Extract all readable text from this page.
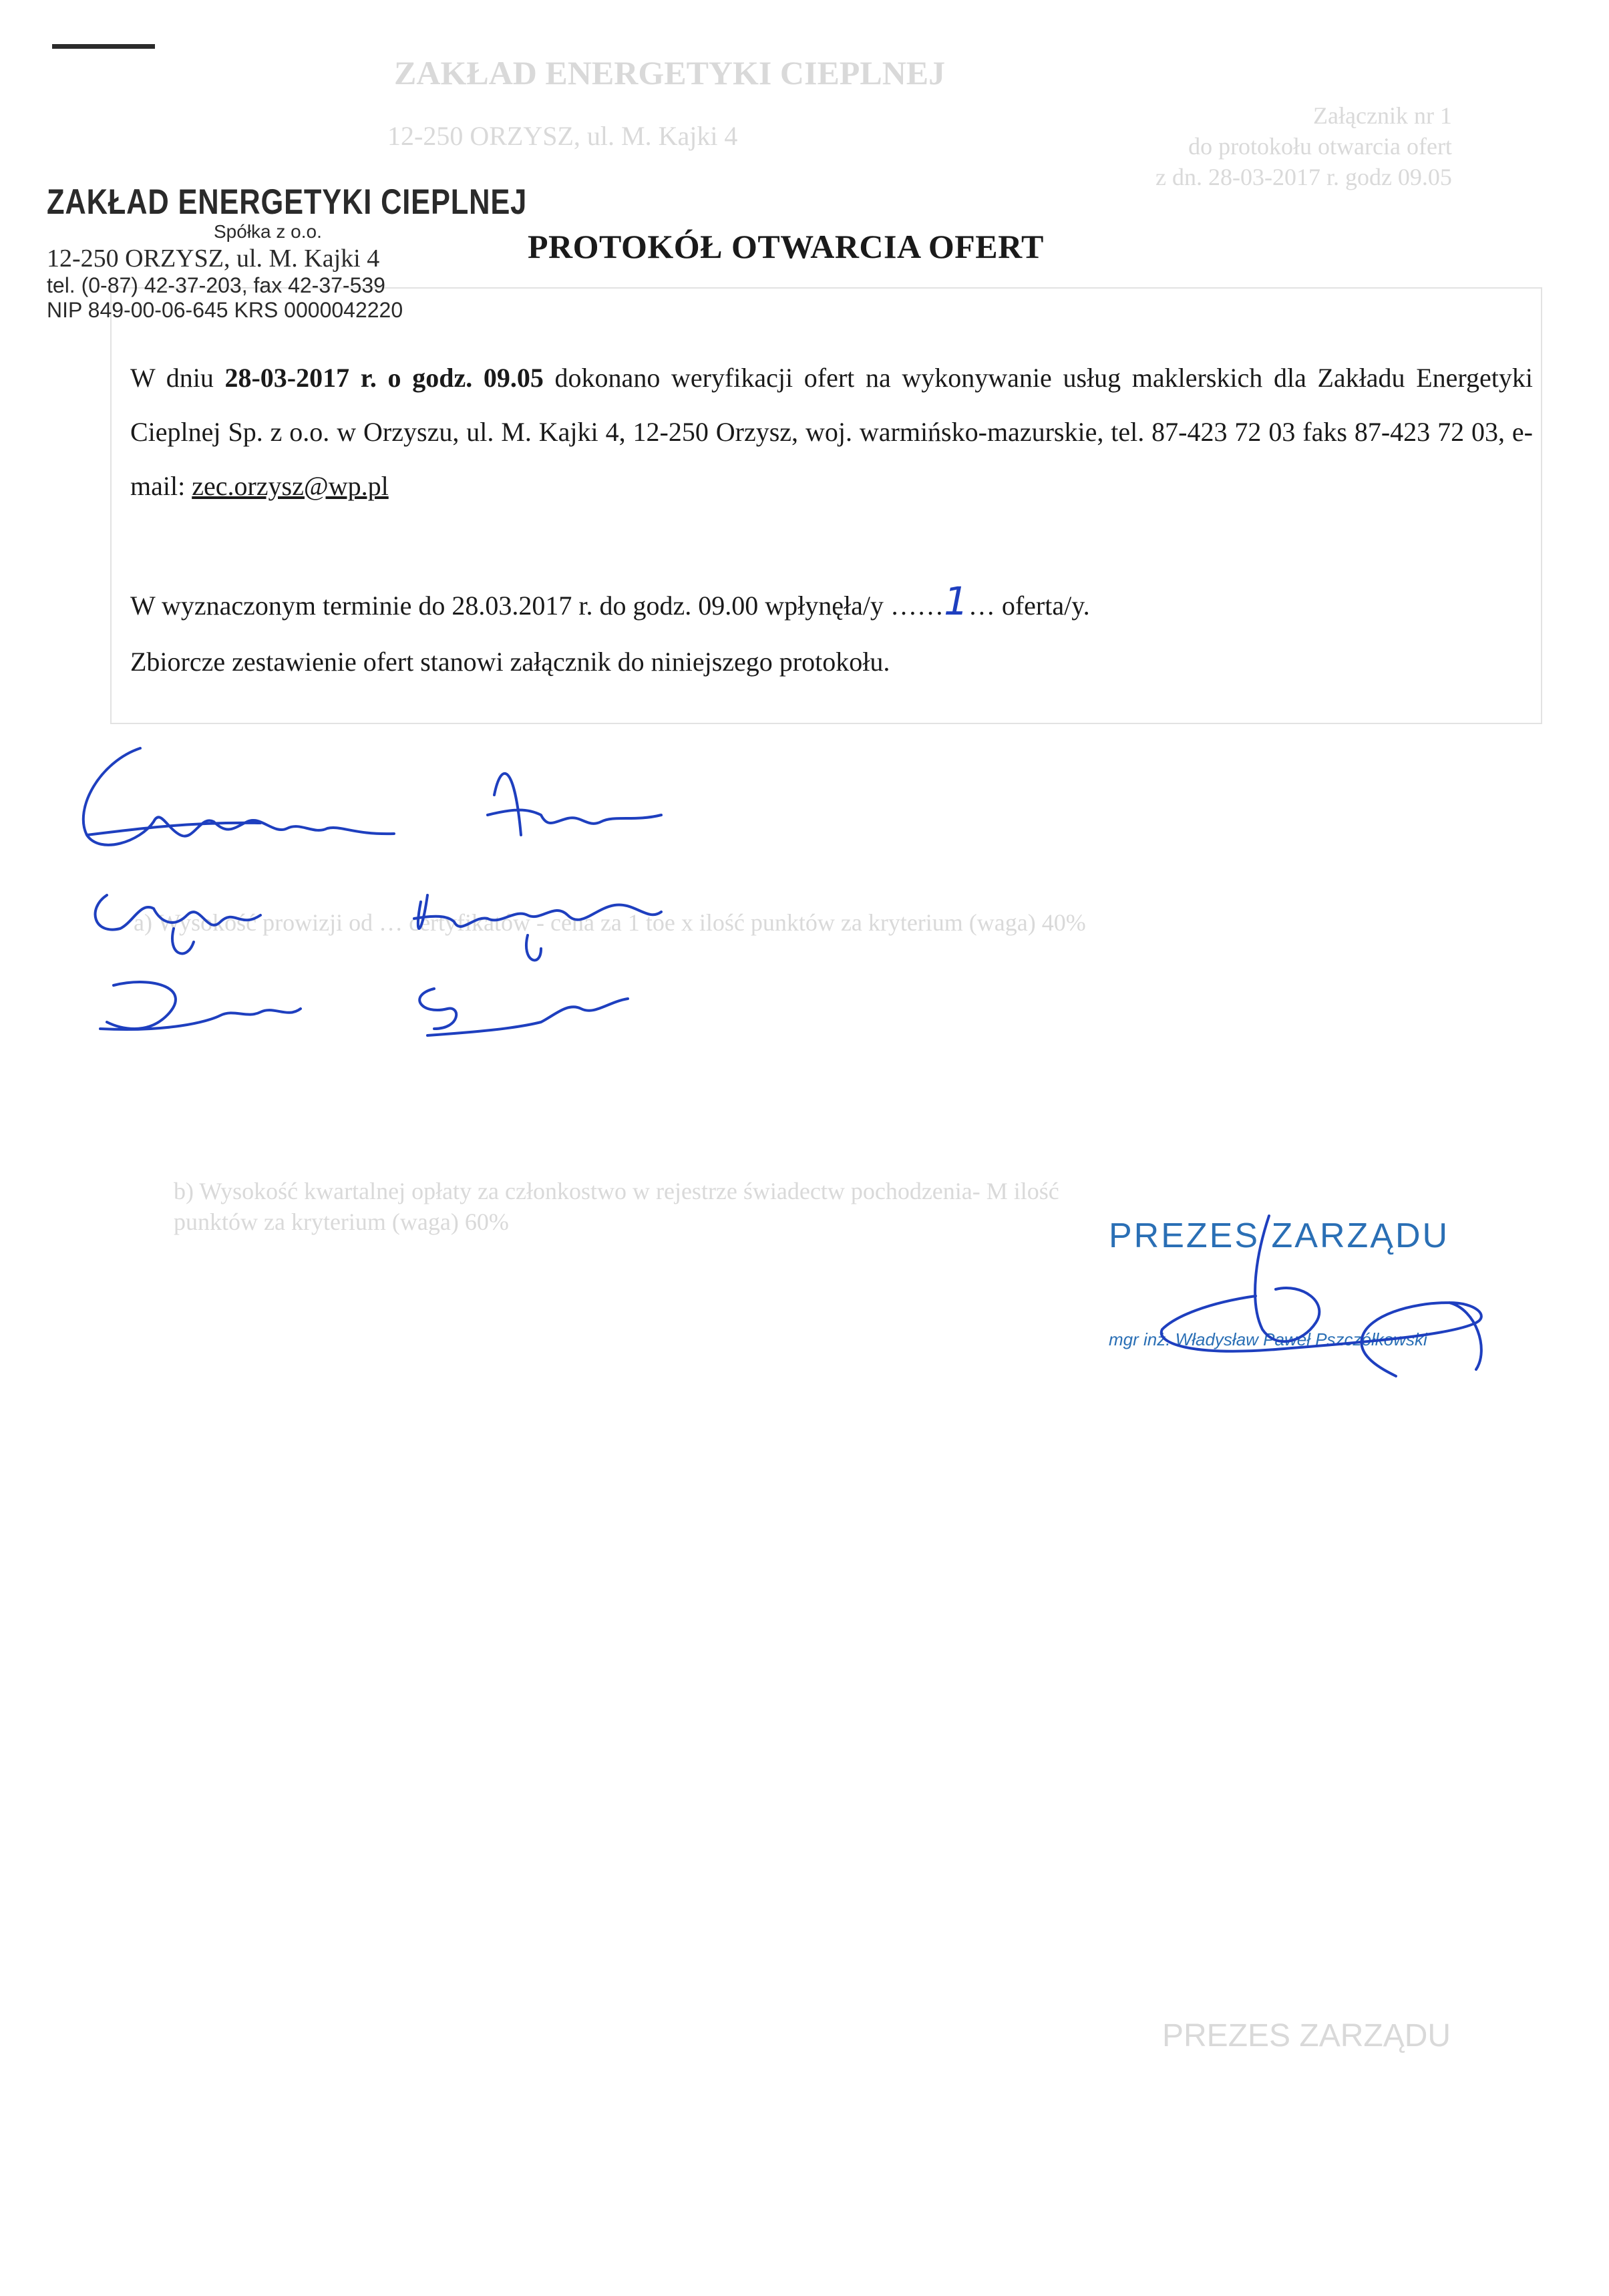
ZAKŁAD ENERGETYKI CIEPLNEJ
12-250 ORZYSZ, ul. M. Kajki 4
Załącznik nr 1
do protokołu otwarcia ofert
z dn. 28-03-2017 r. godz 09.05
a) Wysokość prowizji od … certyfikatów - cena za 1 toe x ilość punktów za kryterium (waga) 40%
b) Wysokość kwartalnej opłaty za członkostwo w rejestrze świadectw pochodzenia- M ilość
punktów za kryterium (waga) 60%
PREZES ZARZĄDU
ZAKŁAD ENERGETYKI CIEPLNEJ
Spółka z o.o.
12-250 ORZYSZ, ul. M. Kajki 4
tel. (0-87) 42-37-203, fax 42-37-539
NIP 849-00-06-645 KRS 0000042220
PROTOKÓŁ OTWARCIA OFERT
W dniu 28-03-2017 r. o godz. 09.05 dokonano weryfikacji ofert na wykonywanie usług maklerskich dla Zakładu Energetyki Cieplnej Sp. z o.o. w Orzyszu, ul. M. Kajki 4, 12-250 Orzysz, woj. warmińsko-mazurskie, tel. 87-423 72 03 faks 87-423 72 03, e-mail: zec.orzysz@wp.pl
W wyznaczonym terminie do 28.03.2017 r. do godz. 09.00 wpłynęła/y ……1… oferta/y.
Zbiorcze zestawienie ofert stanowi załącznik do niniejszego protokołu.
PREZES ZARZĄDU
mgr inż. Władysław Paweł Pszczółkowski
